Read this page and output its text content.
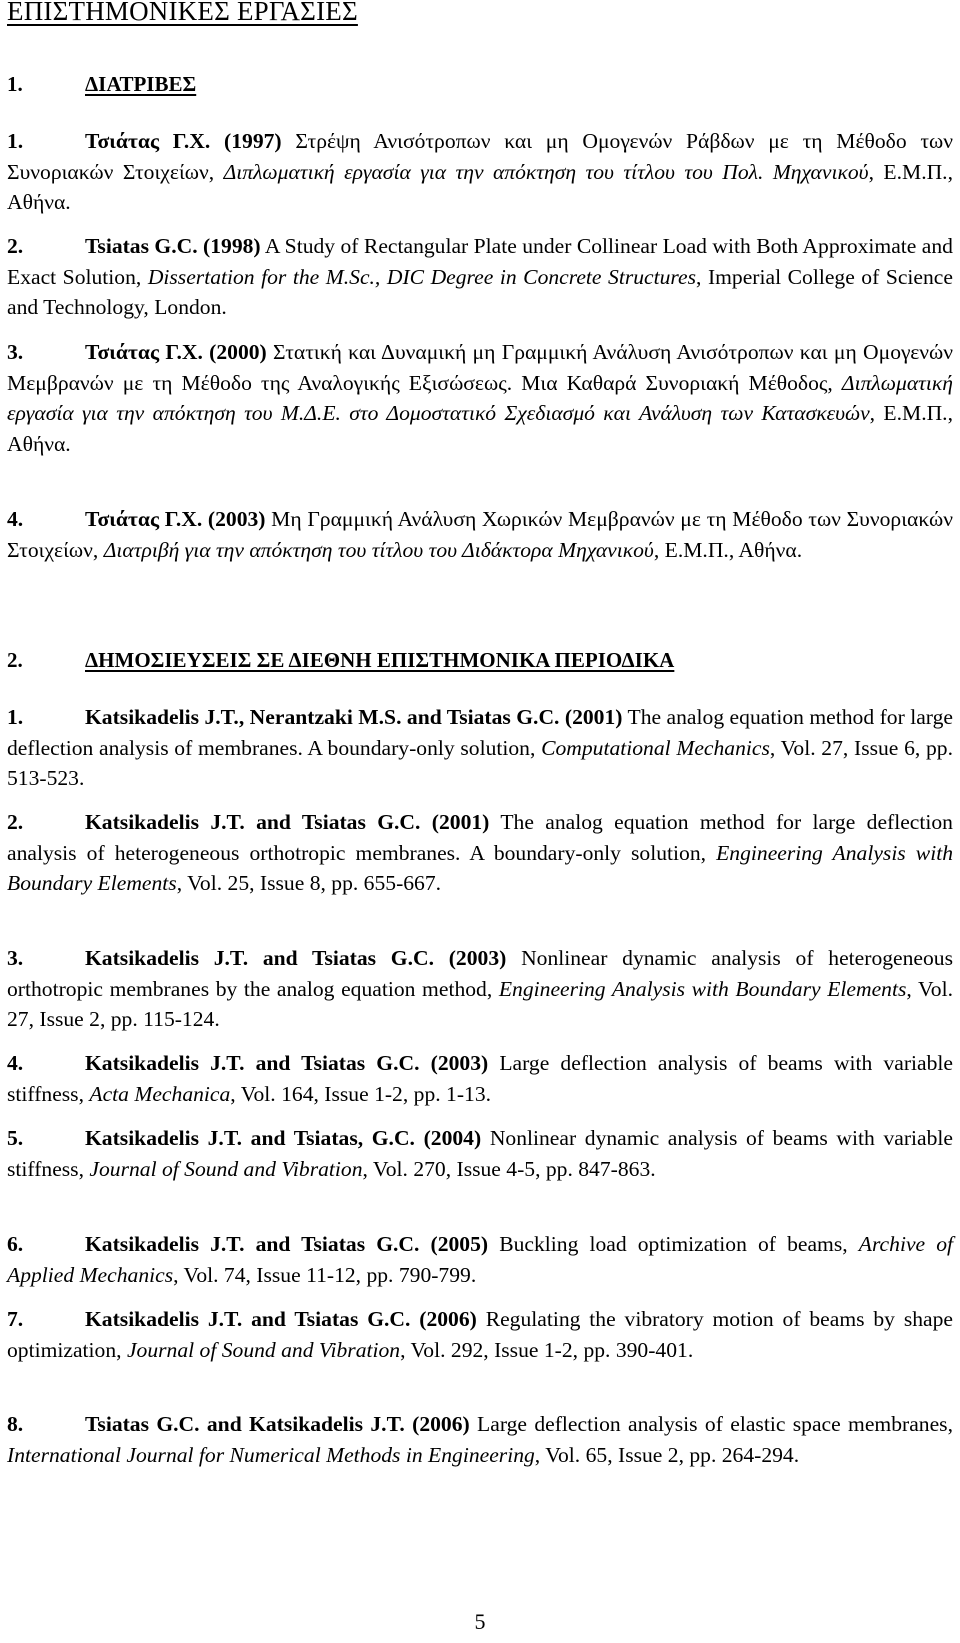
ΕΠΙΣΤΗΜΟΝΙΚΕΣ ΕΡΓΑΣΙΕΣ
1.	ΔΙΑΤΡΙΒΕΣ

1.	Τσιάτας Γ.Χ. (1997) Στρέψη Ανισότροπων και μη Ομογενών Ράβδων με τη Μέθοδο των Συνοριακών Στοιχείων, Διπλωματική εργασία για την απόκτηση του τίτλου του Πολ. Μηχανικού, Ε.Μ.Π., Αθήνα.

2.	Tsiatas G.C. (1998) A Study of Rectangular Plate under Collinear Load with Both Approximate and Exact Solution, Dissertation for the M.Sc., DIC Degree in Concrete Structures, Imperial College of Science and Technology, London.

3.	Τσιάτας Γ.Χ. (2000) Στατική και Δυναμική μη Γραμμική Ανάλυση Ανισότροπων και μη Ομογενών Μεμβρανών με τη Μέθοδο της Αναλογικής Εξισώσεως. Μια Καθαρά Συνοριακή Μέθοδος, Διπλωματική εργασία για την απόκτηση του Μ.Δ.Ε. στο Δομοστατικό Σχεδιασμό και Ανάλυση των Κατασκευών, Ε.Μ.Π., Αθήνα.

4.	Τσιάτας Γ.Χ. (2003) Μη Γραμμική Ανάλυση Χωρικών Μεμβρανών με τη Μέθοδο των Συνοριακών Στοιχείων, Διατριβή για την απόκτηση του τίτλου του Διδάκτορα Μηχανικού, Ε.Μ.Π., Αθήνα.

2.	ΔΗΜΟΣΙΕΥΣΕΙΣ ΣΕ ΔΙΕΘΝΗ ΕΠΙΣΤΗΜΟΝΙΚΑ ΠΕΡΙΟΔΙΚΑ

1.	Katsikadelis J.T., Nerantzaki M.S. and Tsiatas G.C. (2001) The analog equation method for large deflection analysis of membranes. A boundary-only solution, Computational Mechanics, Vol. 27, Issue 6, pp. 513-523.

2.	Katsikadelis J.T. and Tsiatas G.C. (2001) The analog equation method for large deflection analysis of heterogeneous orthotropic membranes. A boundary-only solution, Engineering Analysis with Boundary Elements, Vol. 25, Issue 8, pp. 655-667.

3.	Katsikadelis J.T. and Tsiatas G.C. (2003) Nonlinear dynamic analysis of heterogeneous orthotropic membranes by the analog equation method, Engineering Analysis with Boundary Elements, Vol. 27, Issue 2, pp. 115-124.

4.	Katsikadelis J.T. and Tsiatas G.C. (2003) Large deflection analysis of beams with variable stiffness, Acta Mechanica, Vol. 164, Issue 1-2, pp. 1-13.

5.	Katsikadelis J.T. and Tsiatas, G.C. (2004) Nonlinear dynamic analysis of beams with variable stiffness, Journal of Sound and Vibration, Vol. 270, Issue 4-5, pp. 847-863.

6.	Katsikadelis J.T. and Tsiatas G.C. (2005) Buckling load optimization of beams, Archive of Applied Mechanics, Vol. 74, Issue 11-12, pp. 790-799.

7.	Katsikadelis J.T. and Tsiatas G.C. (2006) Regulating the vibratory motion of beams by shape optimization, Journal of Sound and Vibration, Vol. 292, Issue 1-2, pp. 390-401.

8.	Tsiatas G.C. and Katsikadelis J.T. (2006) Large deflection analysis of elastic space membranes, International Journal for Numerical Methods in Engineering, Vol. 65, Issue 2, pp. 264-294.

5
